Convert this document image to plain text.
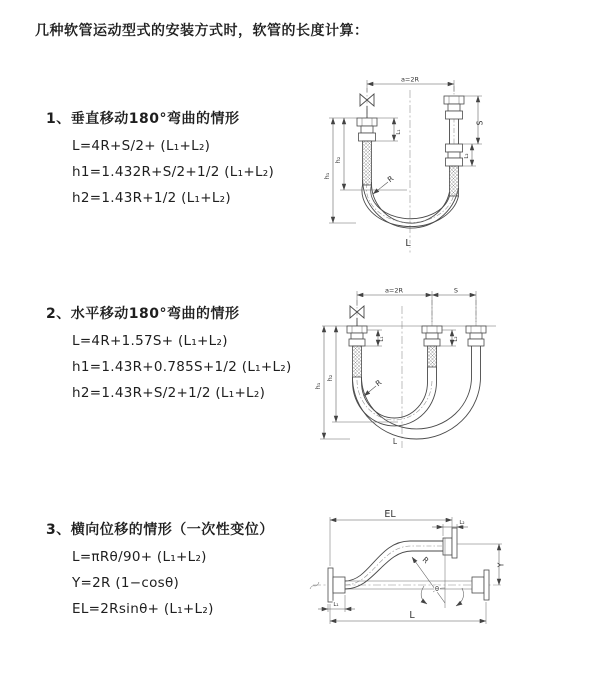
几种软管运动型式的安装方式时，软管的长度计算：
1、垂直移动180°弯曲的情形
L=4R+S/2+ (L₁+L₂)
h1=1.432R+S/2+1/2 (L₁+L₂)
h2=1.43R+1/2 (L₁+L₂)
2、水平移动180°弯曲的情形
L=4R+1.57S+ (L₁+L₂)
h1=1.43R+0.785S+1/2 (L₁+L₂)
h2=1.43R+S/2+1/2 (L₁+L₂)
3、横向位移的情形（一次性变位）
L=πRθ/90+ (L₁+L₂)
Y=2R (1−cosθ)
EL=2Rsinθ+ (L₁+L₂)
a=2R
L₁
S
L₂
h₁
h₂
R
L
a=2R	S
L₁	L₂
h₁
h₂	R
L
EL
L₂
Y
θ
R
L₁
L
